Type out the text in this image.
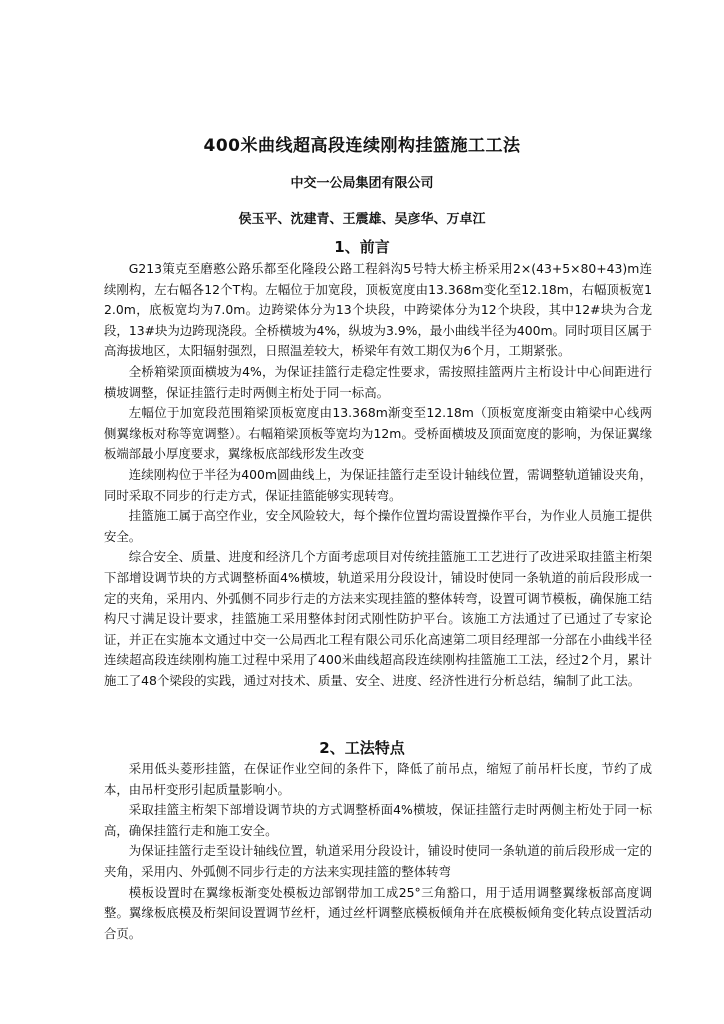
400米曲线超高段连续刚构挂篮施工工法
中交一公局集团有限公司
侯玉平、沈建青、王震雄、吴彦华、万卓江
1、前言

G213策克至磨憨公路乐都至化隆段公路工程斜沟5号特大桥主桥采用2×(43+5×80+43)m连续刚构，左右幅各12个T构。左幅位于加宽段，顶板宽度由13.368m变化至12.18m，右幅顶板宽12.0m，底板宽均为7.0m。边跨梁体分为13个块段，中跨梁体分为12个块段，其中12#块为合龙段，13#块为边跨现浇段。全桥横坡为4%，纵坡为3.9%，最小曲线半径为400m。同时项目区属于高海拔地区，太阳辐射强烈，日照温差较大，桥梁年有效工期仅为6个月，工期紧张。

全桥箱梁顶面横坡为4%，为保证挂篮行走稳定性要求，需按照挂篮两片主桁设计中心间距进行横坡调整，保证挂篮行走时两侧主桁处于同一标高。

左幅位于加宽段范围箱梁顶板宽度由13.368m渐变至12.18m（顶板宽度渐变由箱梁中心线两侧翼缘板对称等宽调整）。右幅箱梁顶板等宽均为12m。受桥面横坡及顶面宽度的影响，为保证翼缘板端部最小厚度要求，翼缘板底部线形发生改变

连续刚构位于半径为400m圆曲线上，为保证挂篮行走至设计轴线位置，需调整轨道铺设夹角，同时采取不同步的行走方式，保证挂篮能够实现转弯。

挂篮施工属于高空作业，安全风险较大，每个操作位置均需设置操作平台，为作业人员施工提供安全。

综合安全、质量、进度和经济几个方面考虑项目对传统挂篮施工工艺进行了改进采取挂篮主桁架下部增设调节块的方式调整桥面4%横坡，轨道采用分段设计，铺设时使同一条轨道的前后段形成一定的夹角，采用内、外弧侧不同步行走的方法来实现挂篮的整体转弯，设置可调节模板，确保施工结构尺寸满足设计要求，挂篮施工采用整体封闭式刚性防护平台。该施工方法通过了已通过了专家论证，并正在实施本文通过中交一公局西北工程有限公司乐化高速第二项目经理部一分部在小曲线半径连续超高段连续刚构施工过程中采用了400米曲线超高段连续刚构挂篮施工工法，经过2个月，累计施工了48个梁段的实践，通过对技术、质量、安全、进度、经济性进行分析总结，编制了此工法。

2、工法特点

采用低头菱形挂篮，在保证作业空间的条件下，降低了前吊点，缩短了前吊杆长度，节约了成本，由吊杆变形引起质量影响小。

采取挂篮主桁架下部增设调节块的方式调整桥面4%横坡，保证挂篮行走时两侧主桁处于同一标高，确保挂篮行走和施工安全。

为保证挂篮行走至设计轴线位置，轨道采用分段设计，铺设时使同一条轨道的前后段形成一定的夹角，采用内、外弧侧不同步行走的方法来实现挂篮的整体转弯

模板设置时在翼缘板渐变处模板边部钢带加工成25°三角豁口，用于适用调整翼缘板部高度调整。翼缘板底模及桁架间设置调节丝杆，通过丝杆调整底模板倾角并在底模板倾角变化转点设置活动合页。
